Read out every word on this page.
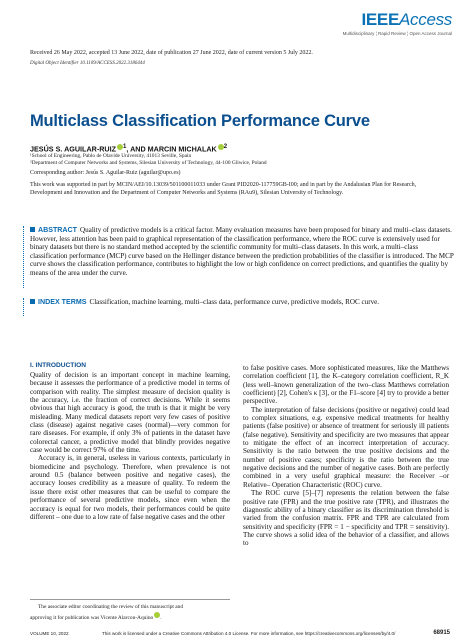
IEEEAccess
Multidisciplinary ¦ Rapid Review ¦ Open Access Journal
Received 26 May 2022, accepted 13 June 2022, date of publication 27 June 2022, date of current version 5 July 2022.
Digital Object Identifier 10.1109/ACCESS.2022.3186444
Multiclass Classification Performance Curve
JESÚS S. AGUILAR-RUIZ $^1$, AND MARCIN MICHALAK $^2$
¹School of Engineering, Pablo de Olavide University, 41013 Seville, Spain
²Department of Computer Networks and Systems, Silesian University of Technology, 44-100 Gliwice, Poland
Corresponding author: Jesús S. Aguilar-Ruiz (aguilar@upo.es)
This work was supported in part by MCIN/AEI/10.13039/501100011033 under Grant PID2020-117759GB-I00; and in part by the Andalusian Plan for Research, Development and Innovation and the Department of Computer Networks and Systems (RAu9), Silesian University of Technology.
ABSTRACT Quality of predictive models is a critical factor. Many evaluation measures have been proposed for binary and multi–class datasets. However, less attention has been paid to graphical representation of the classification performance, where the ROC curve is extensively used for binary datasets but there is no standard method accepted by the scientific community for multi–class datasets. In this work, a multi–class classification performance (MCP) curve based on the Hellinger distance between the prediction probabilities of the classifier is introduced. The MCP curve shows the classification performance, contributes to highlight the low or high confidence on correct predictions, and quantifies the quality by means of the area under the curve.
INDEX TERMS Classification, machine learning, multi–class data, performance curve, predictive models, ROC curve.
I. INTRODUCTION

Quality of decision is an important concept in machine learning, because it assesses the performance of a predictive model in terms of comparison with reality. The simplest measure of decision quality is the accuracy, i.e. the fraction of correct decisions. While it seems obvious that high accuracy is good, the truth is that it might be very misleading. Many medical datasets report very few cases of positive class (disease) against negative cases (normal)—very common for rare diseases. For example, if only 3% of patients in the dataset have colorectal cancer, a predictive model that blindly provides negative case would be correct 97% of the time.

Accuracy is, in general, useless in various contexts, particularly in biomedicine and psychology. Therefore, when prevalence is not around 0.5 (balance between positive and negative cases), the accuracy looses credibility as a measure of quality. To redeem the issue there exist other measures that can be useful to compare the performance of several predictive models, since even when the accuracy is equal for two models, their performances could be quite different – one due to a low rate of false negative cases and the other

to false positive cases. More sophisticated measures, like the Matthews correlation coefficient [1], the K–category correlation coefficient, R_K (less well–known generalization of the two–class Matthews correlation coefficient) [2], Cohen's κ [3], or the F1–score [4] try to provide a better perspective.

The interpretation of false decisions (positive or negative) could lead to complex situations, e.g. expensive medical treatments for healthy patients (false positive) or absence of treatment for seriously ill patients (false negative). Sensitivity and specificity are two measures that appear to mitigate the effect of an incorrect interpretation of accuracy. Sensitivity is the ratio between the true positive decisions and the number of positive cases; specificity is the ratio between the true negative decisions and the number of negative cases. Both are perfectly combined in a very useful graphical measure: the Receiver –or Relative– Operation Characteristic (ROC) curve.

The ROC curve [5]–[7] represents the relation between the false positive rate (FPR) and the true positive rate (TPR), and illustrates the diagnostic ability of a binary classifier as its discrimination threshold is varied from the confusion matrix. FPR and TPR are calculated from sensitivity and specificity (FPR = 1 − specificity and TPR = sensitivity). The curve shows a solid idea of the behavior of a classifier, and allows to

The associate editor coordinating the review of this manuscript and
approving it for publication was Vicente Alarcon-Aquino .
VOLUME 10, 2022	This work is licensed under a Creative Commons Attribution 4.0 License. For more information, see https://creativecommons.org/licenses/by/4.0/	68915
